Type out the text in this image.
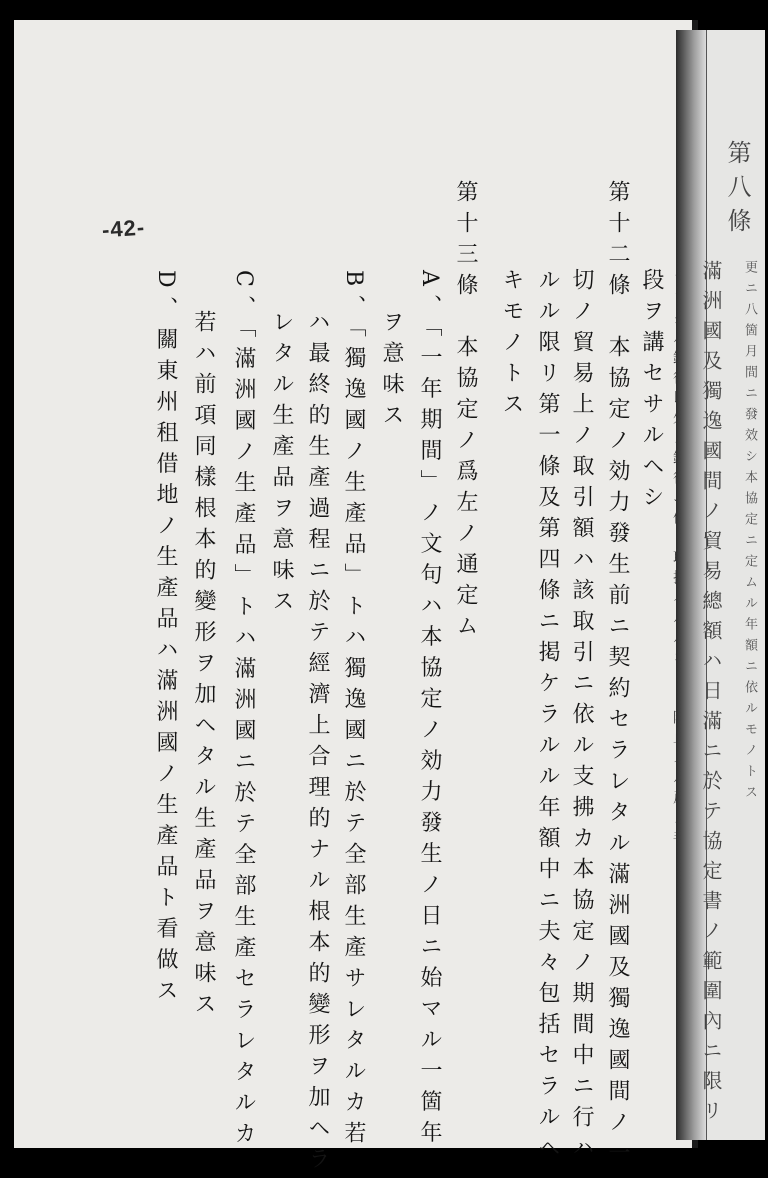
-42-
段ヲ講セサルヘシ
第十二條　本協定ノ効力發生前ニ契約セラレタル滿洲國及獨逸國間ノ一
切ノ貿易上ノ取引額ハ該取引ニ依ル支拂カ本協定ノ期間中ニ行ハ
ルル限リ第一條及第四條ニ掲ケラルル年額中ニ夫々包括セラルヘ
キモノトス
第十三條　本協定ノ爲左ノ通定ム
A、「一年期間」ノ文句ハ本協定ノ効力發生ノ日ニ始マル一箇年
ヲ意味ス
B、「獨逸國ノ生產品」トハ獨逸國ニ於テ全部生產サレタルカ若
ハ最終的生產過程ニ於テ經濟上合理的ナル根本的變形ヲ加ヘラ
レタル生產品ヲ意味ス
C、「滿洲國ノ生產品」トハ滿洲國ニ於テ全部生產セラレタルカ
若ハ前項同樣根本的變形ヲ加ヘタル生產品ヲ意味ス
D、關東州租借地ノ生產品ハ滿洲國ノ生產品ト看做ス
第八條
滿洲國及獨逸國間ノ貿易總額ハ日滿ニ於テ協定書ノ範圍內ニ限リ 更ニ八箇月間ニ發效シ本協定ニ定ムル年額ニ依ルモノトス
